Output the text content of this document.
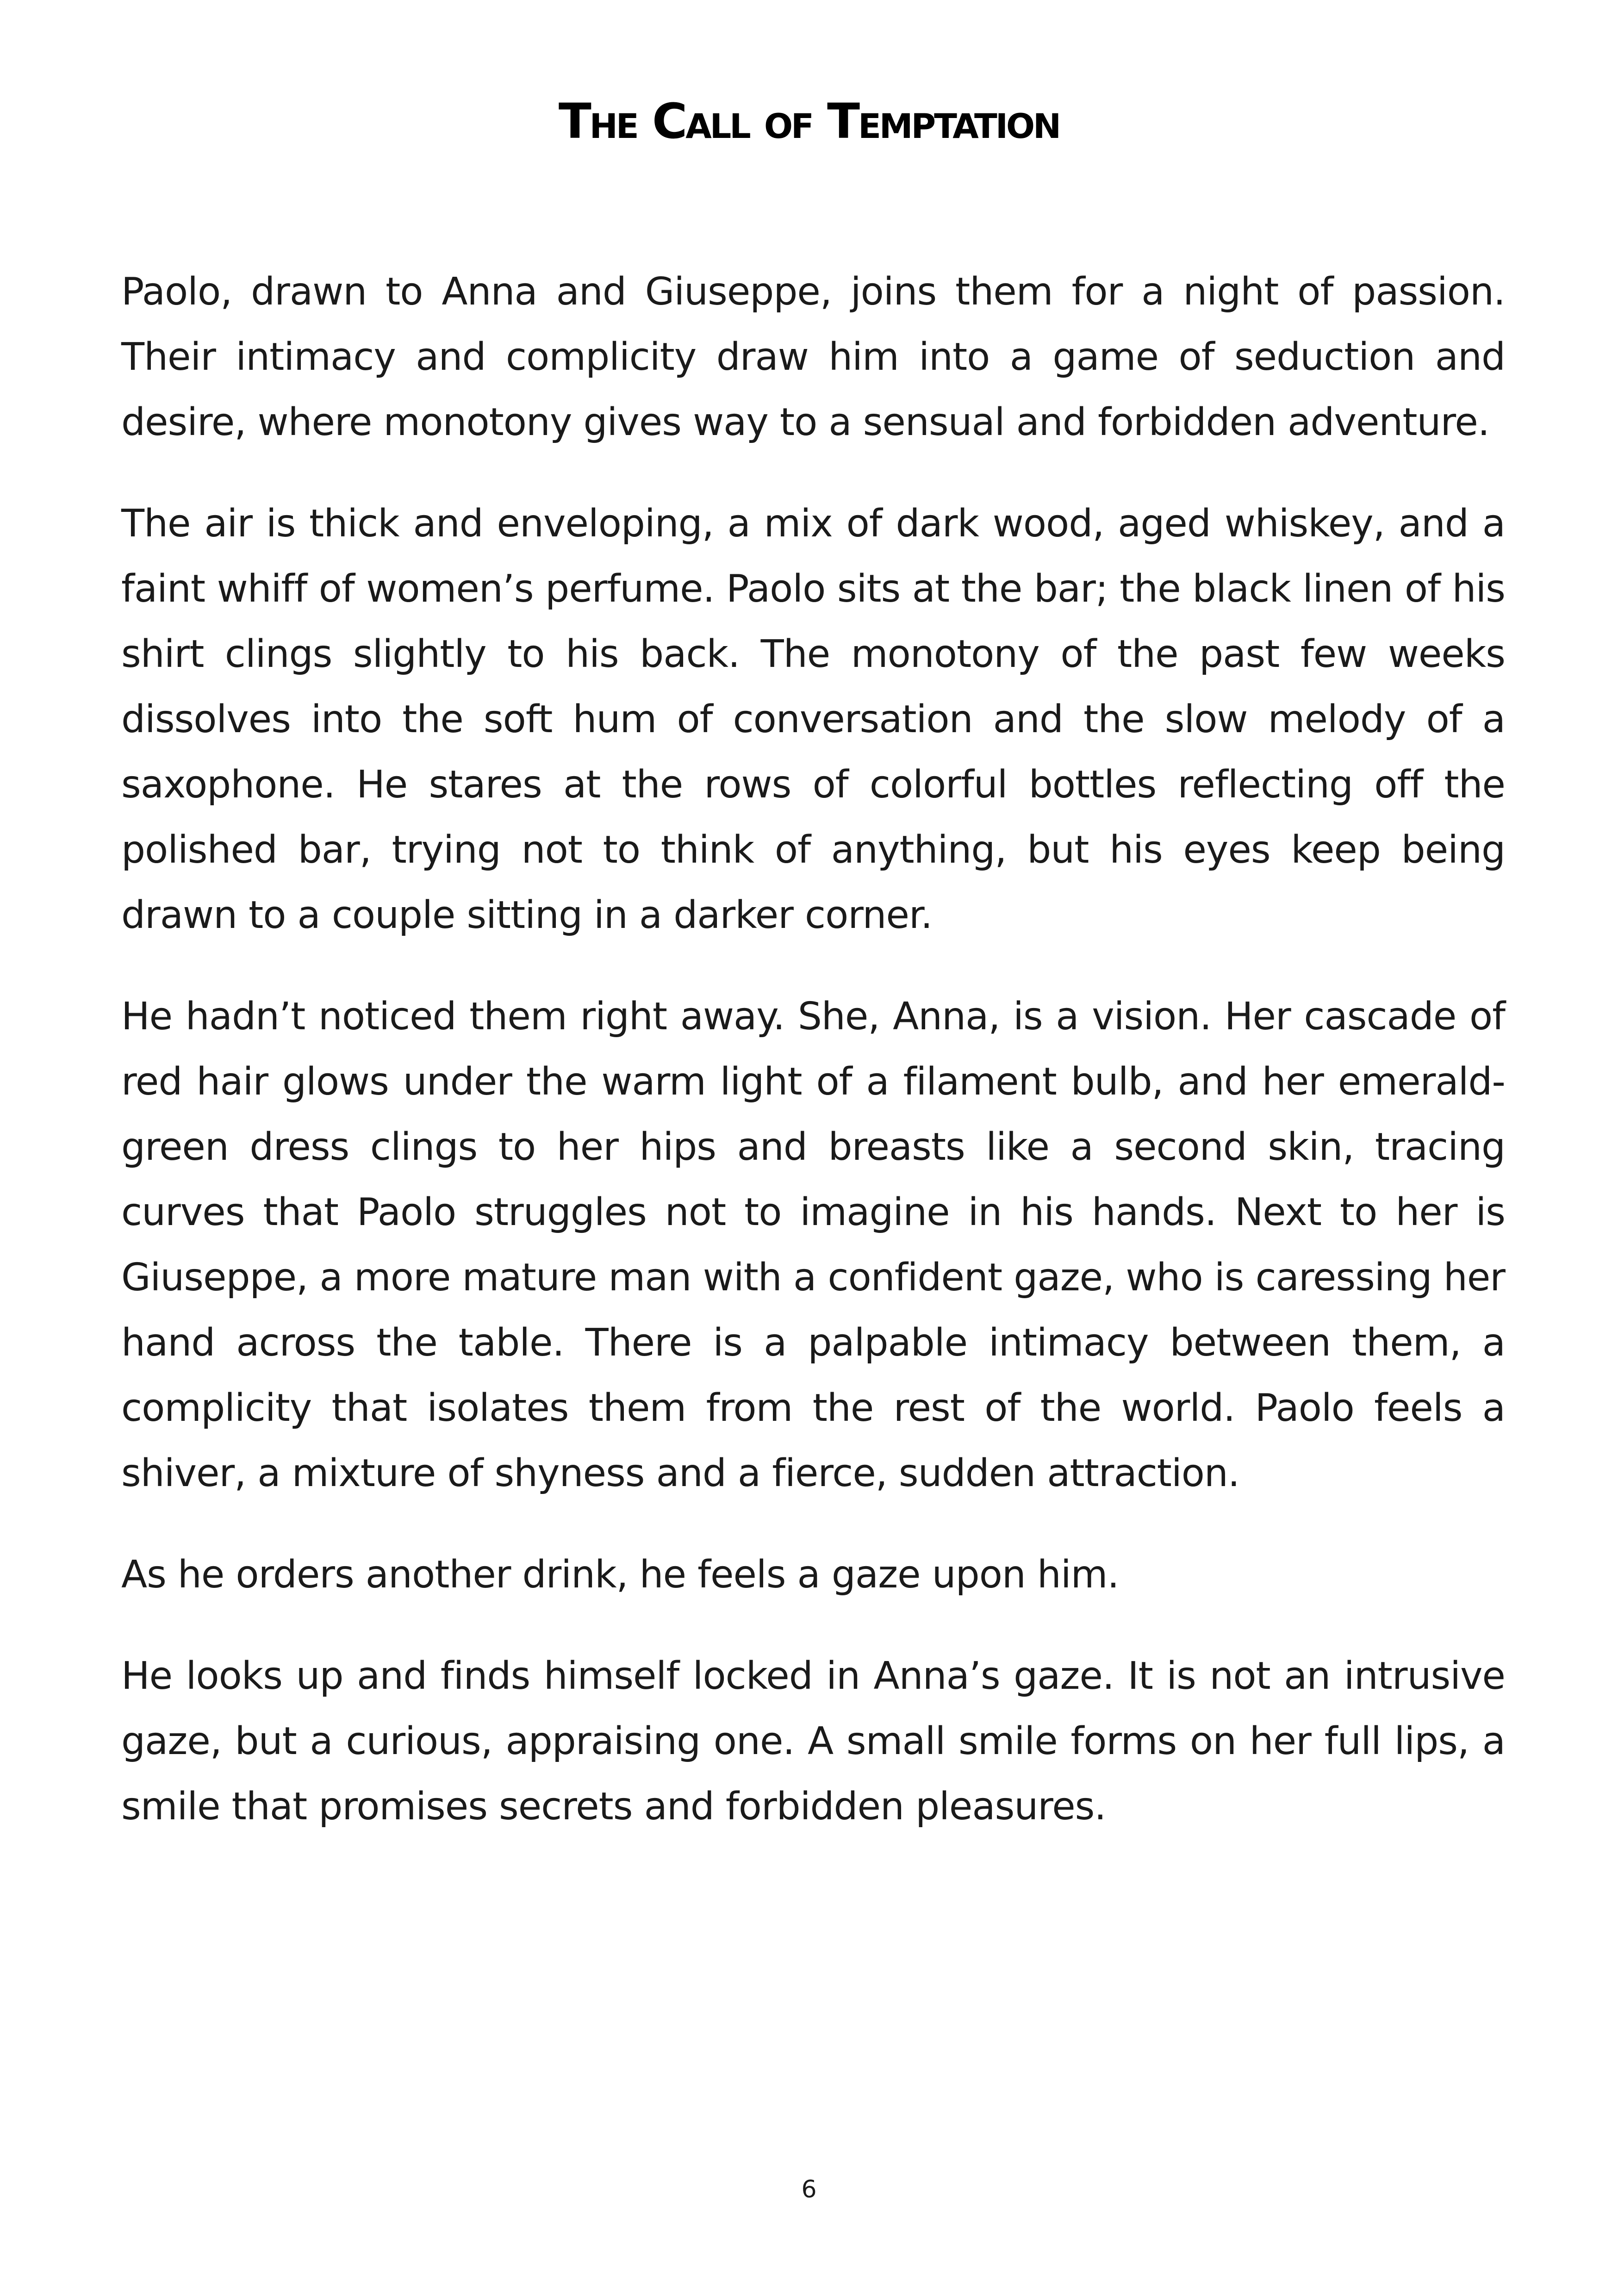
The Call of Temptation

Paolo, drawn to Anna and Giuseppe, joins them for a night of passion. Their intimacy and complicity draw him into a game of seduction and desire, where monotony gives way to a sensual and forbidden adventure.

The air is thick and enveloping, a mix of dark wood, aged whiskey, and a faint whiff of women’s perfume. Paolo sits at the bar; the black linen of his shirt clings slightly to his back. The monotony of the past few weeks dissolves into the soft hum of conversation and the slow melody of a saxophone. He stares at the rows of colorful bottles reflecting off the polished bar, trying not to think of anything, but his eyes keep being drawn to a couple sitting in a darker corner.

He hadn’t noticed them right away. She, Anna, is a vision. Her cascade of red hair glows under the warm light of a filament bulb, and her emerald-green dress clings to her hips and breasts like a second skin, tracing curves that Paolo struggles not to imagine in his hands. Next to her is Giuseppe, a more mature man with a confident gaze, who is caressing her hand across the table. There is a palpable intimacy between them, a complicity that isolates them from the rest of the world. Paolo feels a shiver, a mixture of shyness and a fierce, sudden attraction.

As he orders another drink, he feels a gaze upon him.

He looks up and finds himself locked in Anna’s gaze. It is not an intrusive gaze, but a curious, appraising one. A small smile forms on her full lips, a smile that promises secrets and forbidden pleasures.

6
